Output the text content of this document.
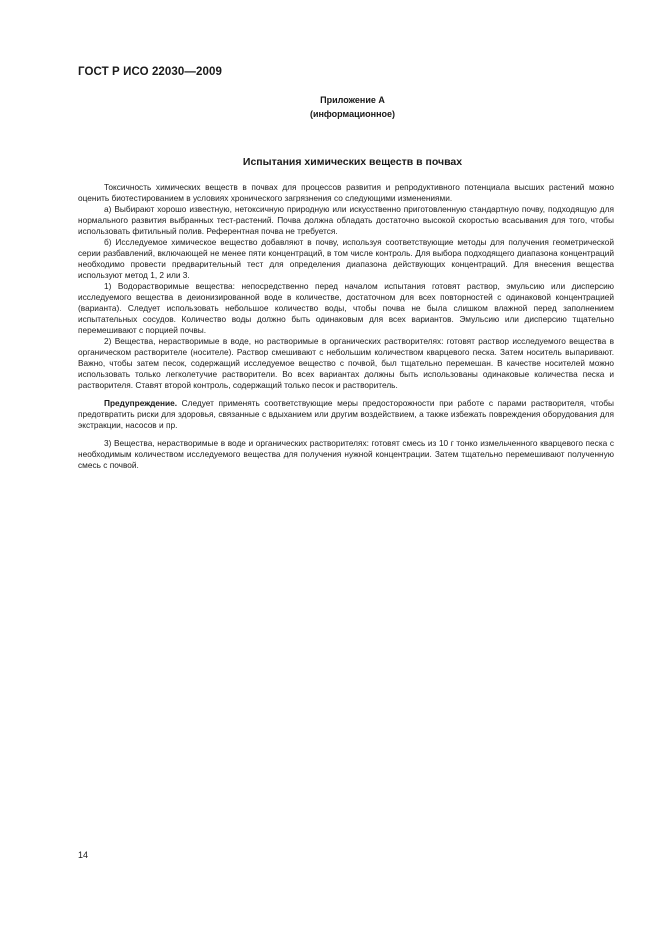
ГОСТ Р ИСО 22030—2009
Приложение А
(информационное)
Испытания химических веществ в почвах

Токсичность химических веществ в почвах для процессов развития и репродуктивного потенциала высших растений можно оценить биотестированием в условиях хронического загрязнения со следующими изменениями.

а) Выбирают хорошо известную, нетоксичную природную или искусственно приготовленную стандартную почву, подходящую для нормального развития выбранных тест-растений. Почва должна обладать достаточно высокой скоростью всасывания для того, чтобы использовать фитильный полив. Референтная почва не требуется.

б) Исследуемое химическое вещество добавляют в почву, используя соответствующие методы для получения геометрической серии разбавлений, включающей не менее пяти концентраций, в том числе контроль. Для выбора подходящего диапазона концентраций необходимо провести предварительный тест для определения диапазона действующих концентраций. Для внесения вещества используют метод 1, 2 или 3.

1) Водорастворимые вещества: непосредственно перед началом испытания готовят раствор, эмульсию или дисперсию исследуемого вещества в деионизированной воде в количестве, достаточном для всех повторностей с одинаковой концентрацией (варианта). Следует использовать небольшое количество воды, чтобы почва не была слишком влажной перед заполнением испытательных сосудов. Количество воды должно быть одинаковым для всех вариантов. Эмульсию или дисперсию тщательно перемешивают с порцией почвы.

2) Вещества, нерастворимые в воде, но растворимые в органических растворителях: готовят раствор исследуемого вещества в органическом растворителе (носителе). Раствор смешивают с небольшим количеством кварцевого песка. Затем носитель выпаривают. Важно, чтобы затем песок, содержащий исследуемое вещество с почвой, был тщательно перемешан. В качестве носителей можно использовать только легколетучие растворители. Во всех вариантах должны быть использованы одинаковые количества песка и растворителя. Ставят второй контроль, содержащий только песок и растворитель.

Предупреждение. Следует применять соответствующие меры предосторожности при работе с парами растворителя, чтобы предотвратить риски для здоровья, связанные с вдыханием или другим воздействием, а также избежать повреждения оборудования для экстракции, насосов и пр.

3) Вещества, нерастворимые в воде и органических растворителях: готовят смесь из 10 г тонко измельченного кварцевого песка с необходимым количеством исследуемого вещества для получения нужной концентрации. Затем тщательно перемешивают полученную смесь с почвой.

14
